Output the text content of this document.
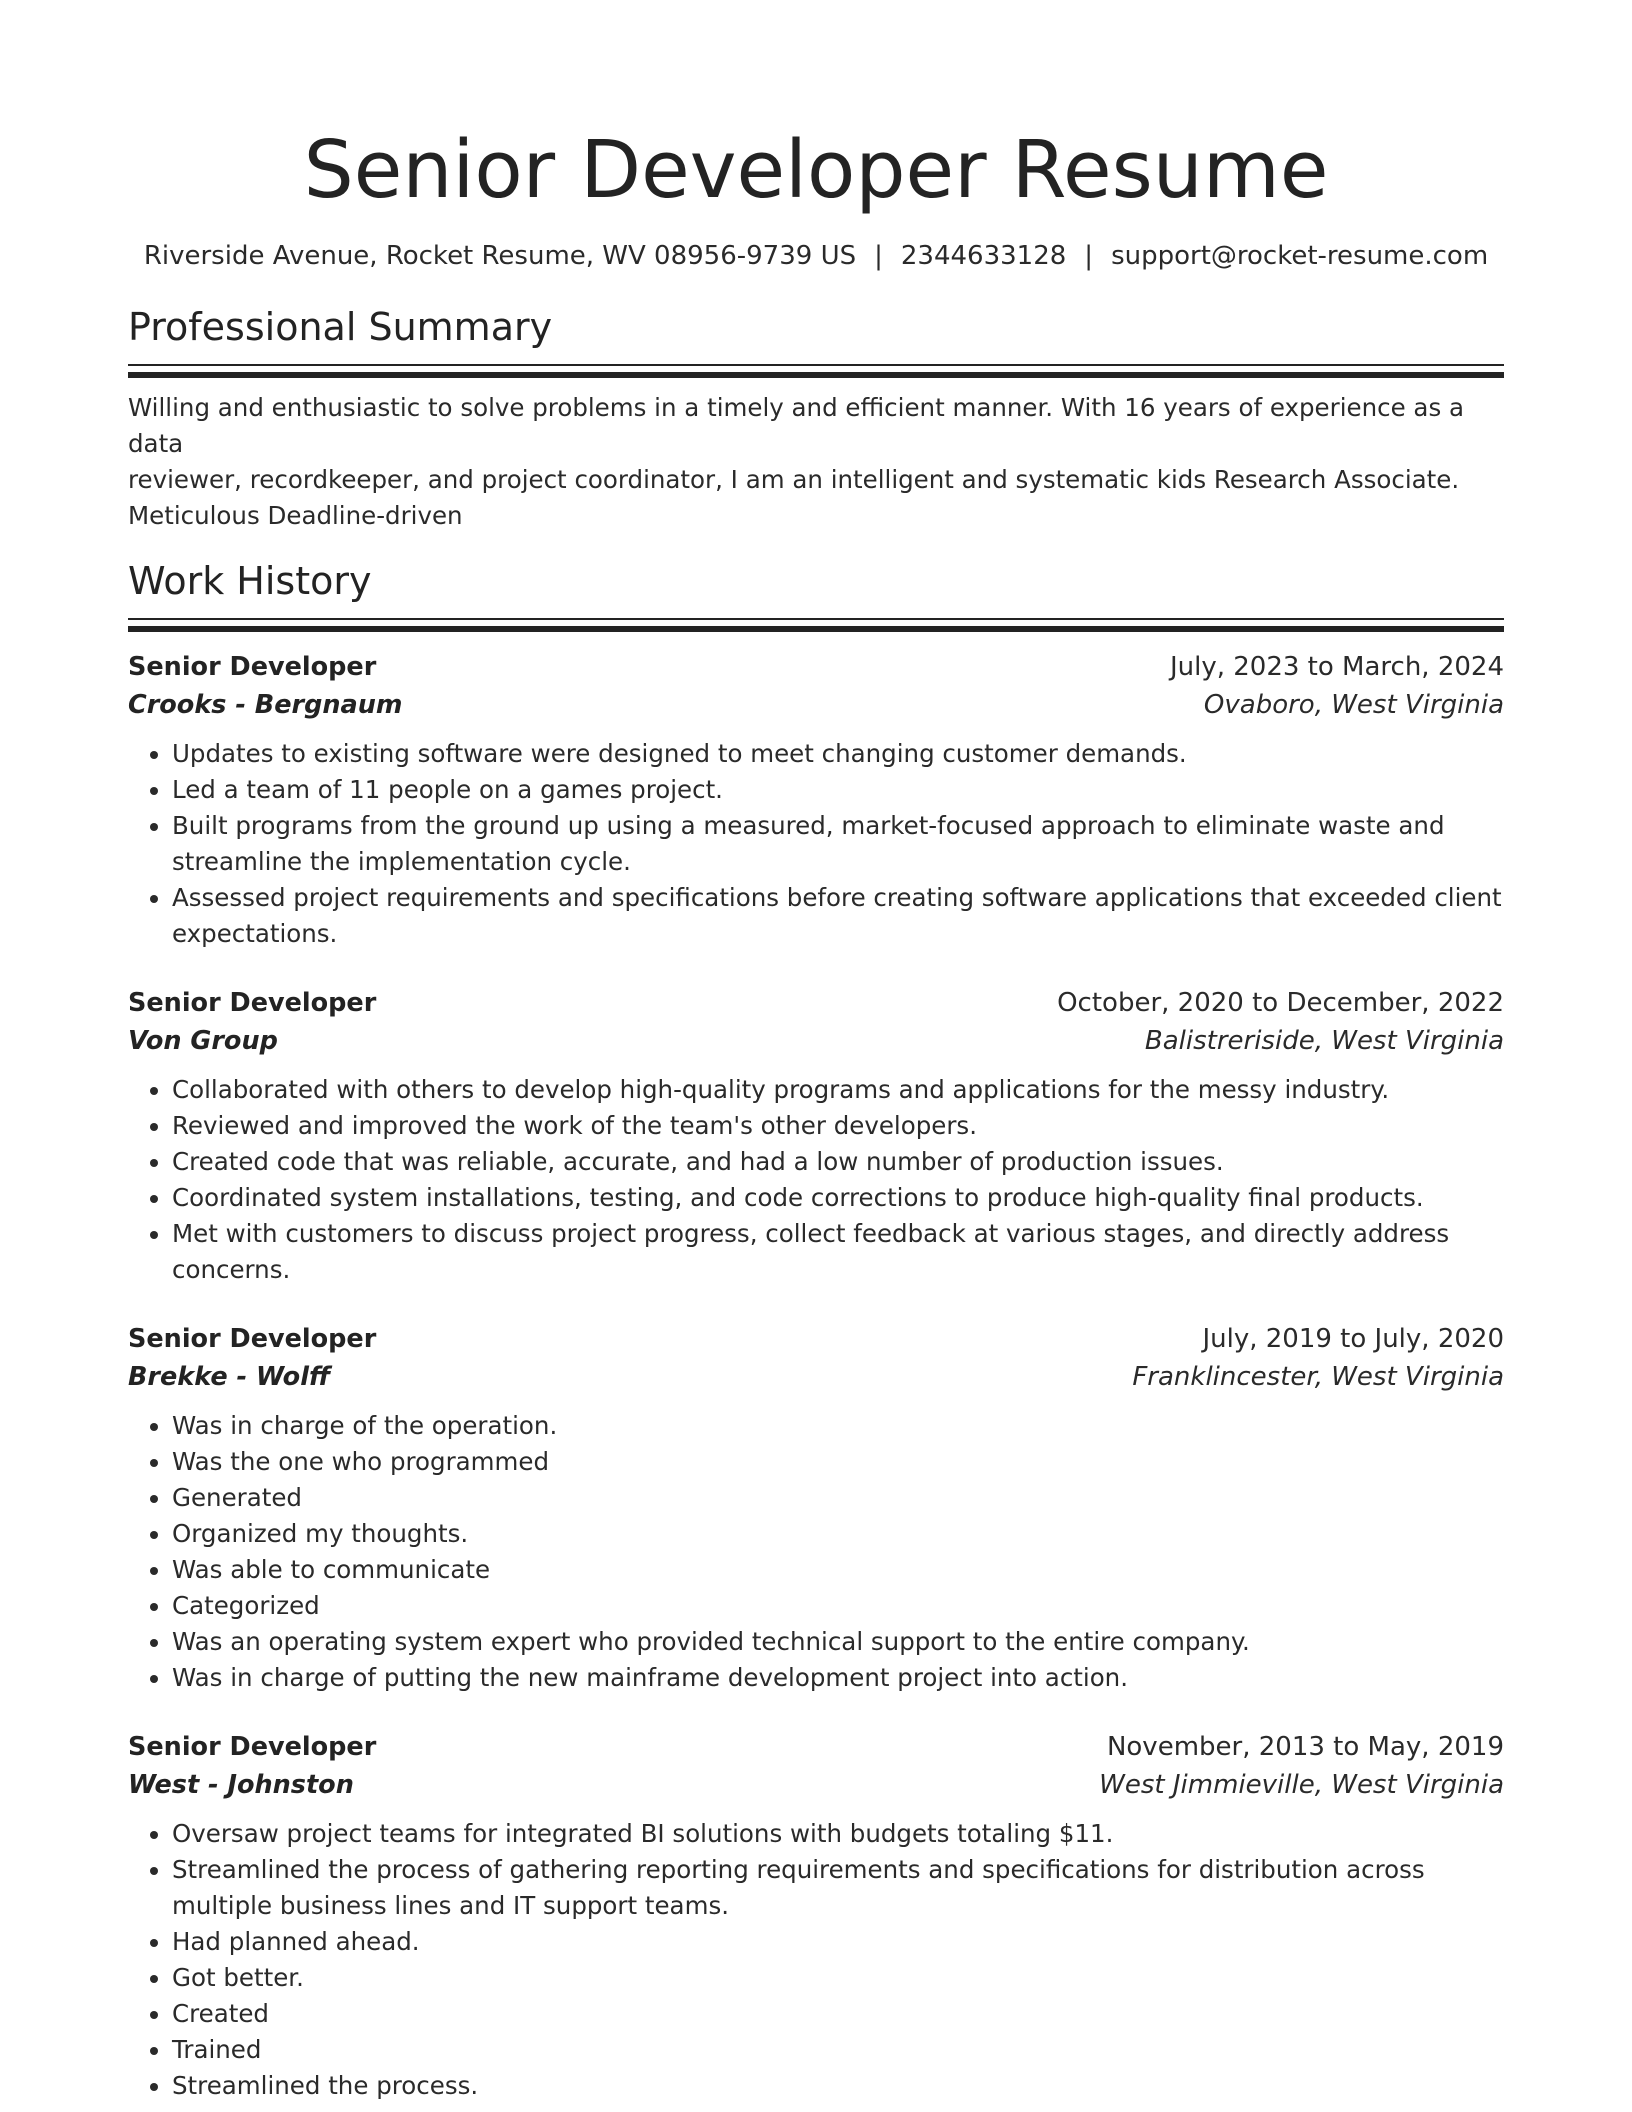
Senior Developer Resume
Riverside Avenue, Rocket Resume, WV 08956-9739 US | 2344633128 | support@rocket-resume.com
Professional Summary
Willing and enthusiastic to solve problems in a timely and efficient manner. With 16 years of experience as a data
reviewer, recordkeeper, and project coordinator, I am an intelligent and systematic kids Research Associate.
Meticulous Deadline-driven
Work History
Senior Developer	July, 2023 to March, 2024
Crooks - Bergnaum	Ovaboro, West Virginia
• Updates to existing software were designed to meet changing customer demands.
• Led a team of 11 people on a games project.
• Built programs from the ground up using a measured, market-focused approach to eliminate waste and streamline the implementation cycle.
• Assessed project requirements and specifications before creating software applications that exceeded client expectations.
Senior Developer	October, 2020 to December, 2022
Von Group	Balistreriside, West Virginia
• Collaborated with others to develop high-quality programs and applications for the messy industry.
• Reviewed and improved the work of the team's other developers.
• Created code that was reliable, accurate, and had a low number of production issues.
• Coordinated system installations, testing, and code corrections to produce high-quality final products.
• Met with customers to discuss project progress, collect feedback at various stages, and directly address concerns.
Senior Developer	July, 2019 to July, 2020
Brekke - Wolff	Franklincester, West Virginia
• Was in charge of the operation.
• Was the one who programmed
• Generated
• Organized my thoughts.
• Was able to communicate
• Categorized
• Was an operating system expert who provided technical support to the entire company.
• Was in charge of putting the new mainframe development project into action.
Senior Developer	November, 2013 to May, 2019
West - Johnston	West Jimmieville, West Virginia
• Oversaw project teams for integrated BI solutions with budgets totaling $11.
• Streamlined the process of gathering reporting requirements and specifications for distribution across multiple business lines and IT support teams.
• Had planned ahead.
• Got better.
• Created
• Trained
• Streamlined the process.
